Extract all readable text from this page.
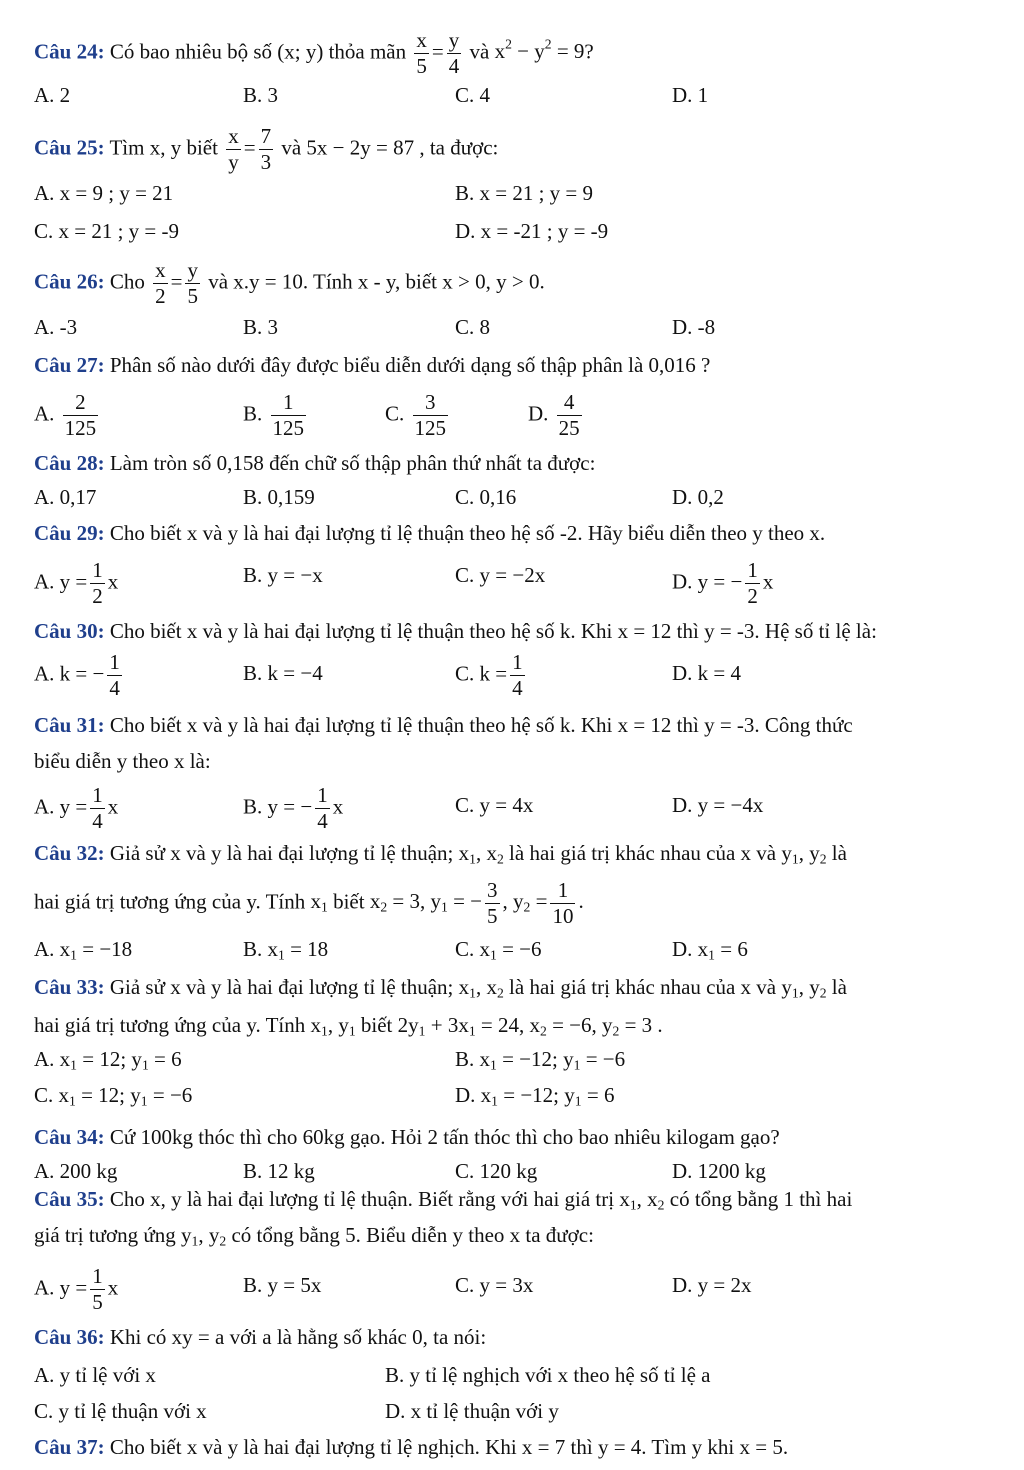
Câu 24: Có bao nhiêu bộ số (x; y) thỏa mãn $\frac{x}{5} = \frac{y}{4}$ và $x^2 - y^2 = 9$?
A. 2	B. 3	C. 4	D. 1
Câu 25: Tìm x, y biết $\frac{x}{y} = \frac{7}{3}$ và 5x − 2y = 87 , ta được:
A. x = 9 ; y = 21	B. x = 21 ; y = 9
C. x = 21 ; y = -9	D. x = -21 ; y = -9
Câu 26: Cho $\frac{x}{2} = \frac{y}{5}$ và x.y = 10. Tính x - y, biết x > 0, y > 0.
A. -3	B. 3	C. 8	D. -8
Câu 27: Phân số nào dưới đây được biểu diễn dưới dạng số thập phân là 0,016 ?
A. $\frac{2}{125}$	B. $\frac{1}{125}$	C. $\frac{3}{125}$	D. $\frac{4}{25}$
Câu 28: Làm tròn số 0,158 đến chữ số thập phân thứ nhất ta được:
A. 0,17	B. 0,159	C. 0,16	D. 0,2
Câu 29: Cho biết x và y là hai đại lượng tỉ lệ thuận theo hệ số -2. Hãy biểu diễn theo y theo x.
A. $y = \frac{1}{2}$ x	B. y = −x	C. y = −2x	D. y = − $\frac{1}{2}$ x
Câu 30: Cho biết x và y là hai đại lượng tỉ lệ thuận theo hệ số k. Khi x = 12 thì y = -3. Hệ số tỉ lệ là:
A. k = − $\frac{1}{4}$	B. k = −4	C. $k = \frac{1}{4}$	D. k = 4
Câu 31: Cho biết x và y là hai đại lượng tỉ lệ thuận theo hệ số k. Khi x = 12 thì y = -3. Công thức
biểu diễn y theo x là:
A. $y = \frac{1}{4}$ x	B. y = − $\frac{1}{4}$ x	C. y = 4x	D. y = −4x
Câu 32: Giả sử x và y là hai đại lượng tỉ lệ thuận; $x_1$, $x_2$ là hai giá trị khác nhau của x và $y_1$, $y_2$ là
hai giá trị tương ứng của y. Tính $x_1$ biết $x_2 = 3$, $y_1$ = − $\frac{3}{5}$ , $y_2 = \frac{1}{10}$ .
A. $x_1 = -18$	B. $x_1 = 18$	C. $x_1 = -6$	D. $x_1 = 6$
Câu 33: Giả sử x và y là hai đại lượng tỉ lệ thuận; $x_1$, $x_2$ là hai giá trị khác nhau của x và $y_1$, $y_2$ là
hai giá trị tương ứng của y. Tính $x_1$, $y_1$ biết $2y_1 + 3x_1 = 24$, $x_2 = -6$, $y_2 = 3$ .
A. $x_1 = 12$; $y_1 = 6$	B. $x_1 = -12$; $y_1 = -6$
C. $x_1 = 12$; $y_1 = -6$	D. $x_1 = -12$; $y_1 = 6$
Câu 34: Cứ 100kg thóc thì cho 60kg gạo. Hỏi 2 tấn thóc thì cho bao nhiêu kilogam gạo?
A. 200 kg	B. 12 kg	C. 120 kg	D. 1200 kg
Câu 35: Cho x, y là hai đại lượng tỉ lệ thuận. Biết rằng với hai giá trị $x_1$, $x_2$ có tổng bằng 1 thì hai
giá trị tương ứng $y_1$, $y_2$ có tổng bằng 5. Biểu diễn y theo x ta được:
A. $y = \frac{1}{5}$ x	B. y = 5x	C. y = 3x	D. y = 2x
Câu 36: Khi có xy = a với a là hằng số khác 0, ta nói:
A. y tỉ lệ với x	B. y tỉ lệ nghịch với x theo hệ số tỉ lệ a
C. y tỉ lệ thuận với x	D. x tỉ lệ thuận với y
Câu 37: Cho biết x và y là hai đại lượng tỉ lệ nghịch. Khi x = 7 thì y = 4. Tìm y khi x = 5.
